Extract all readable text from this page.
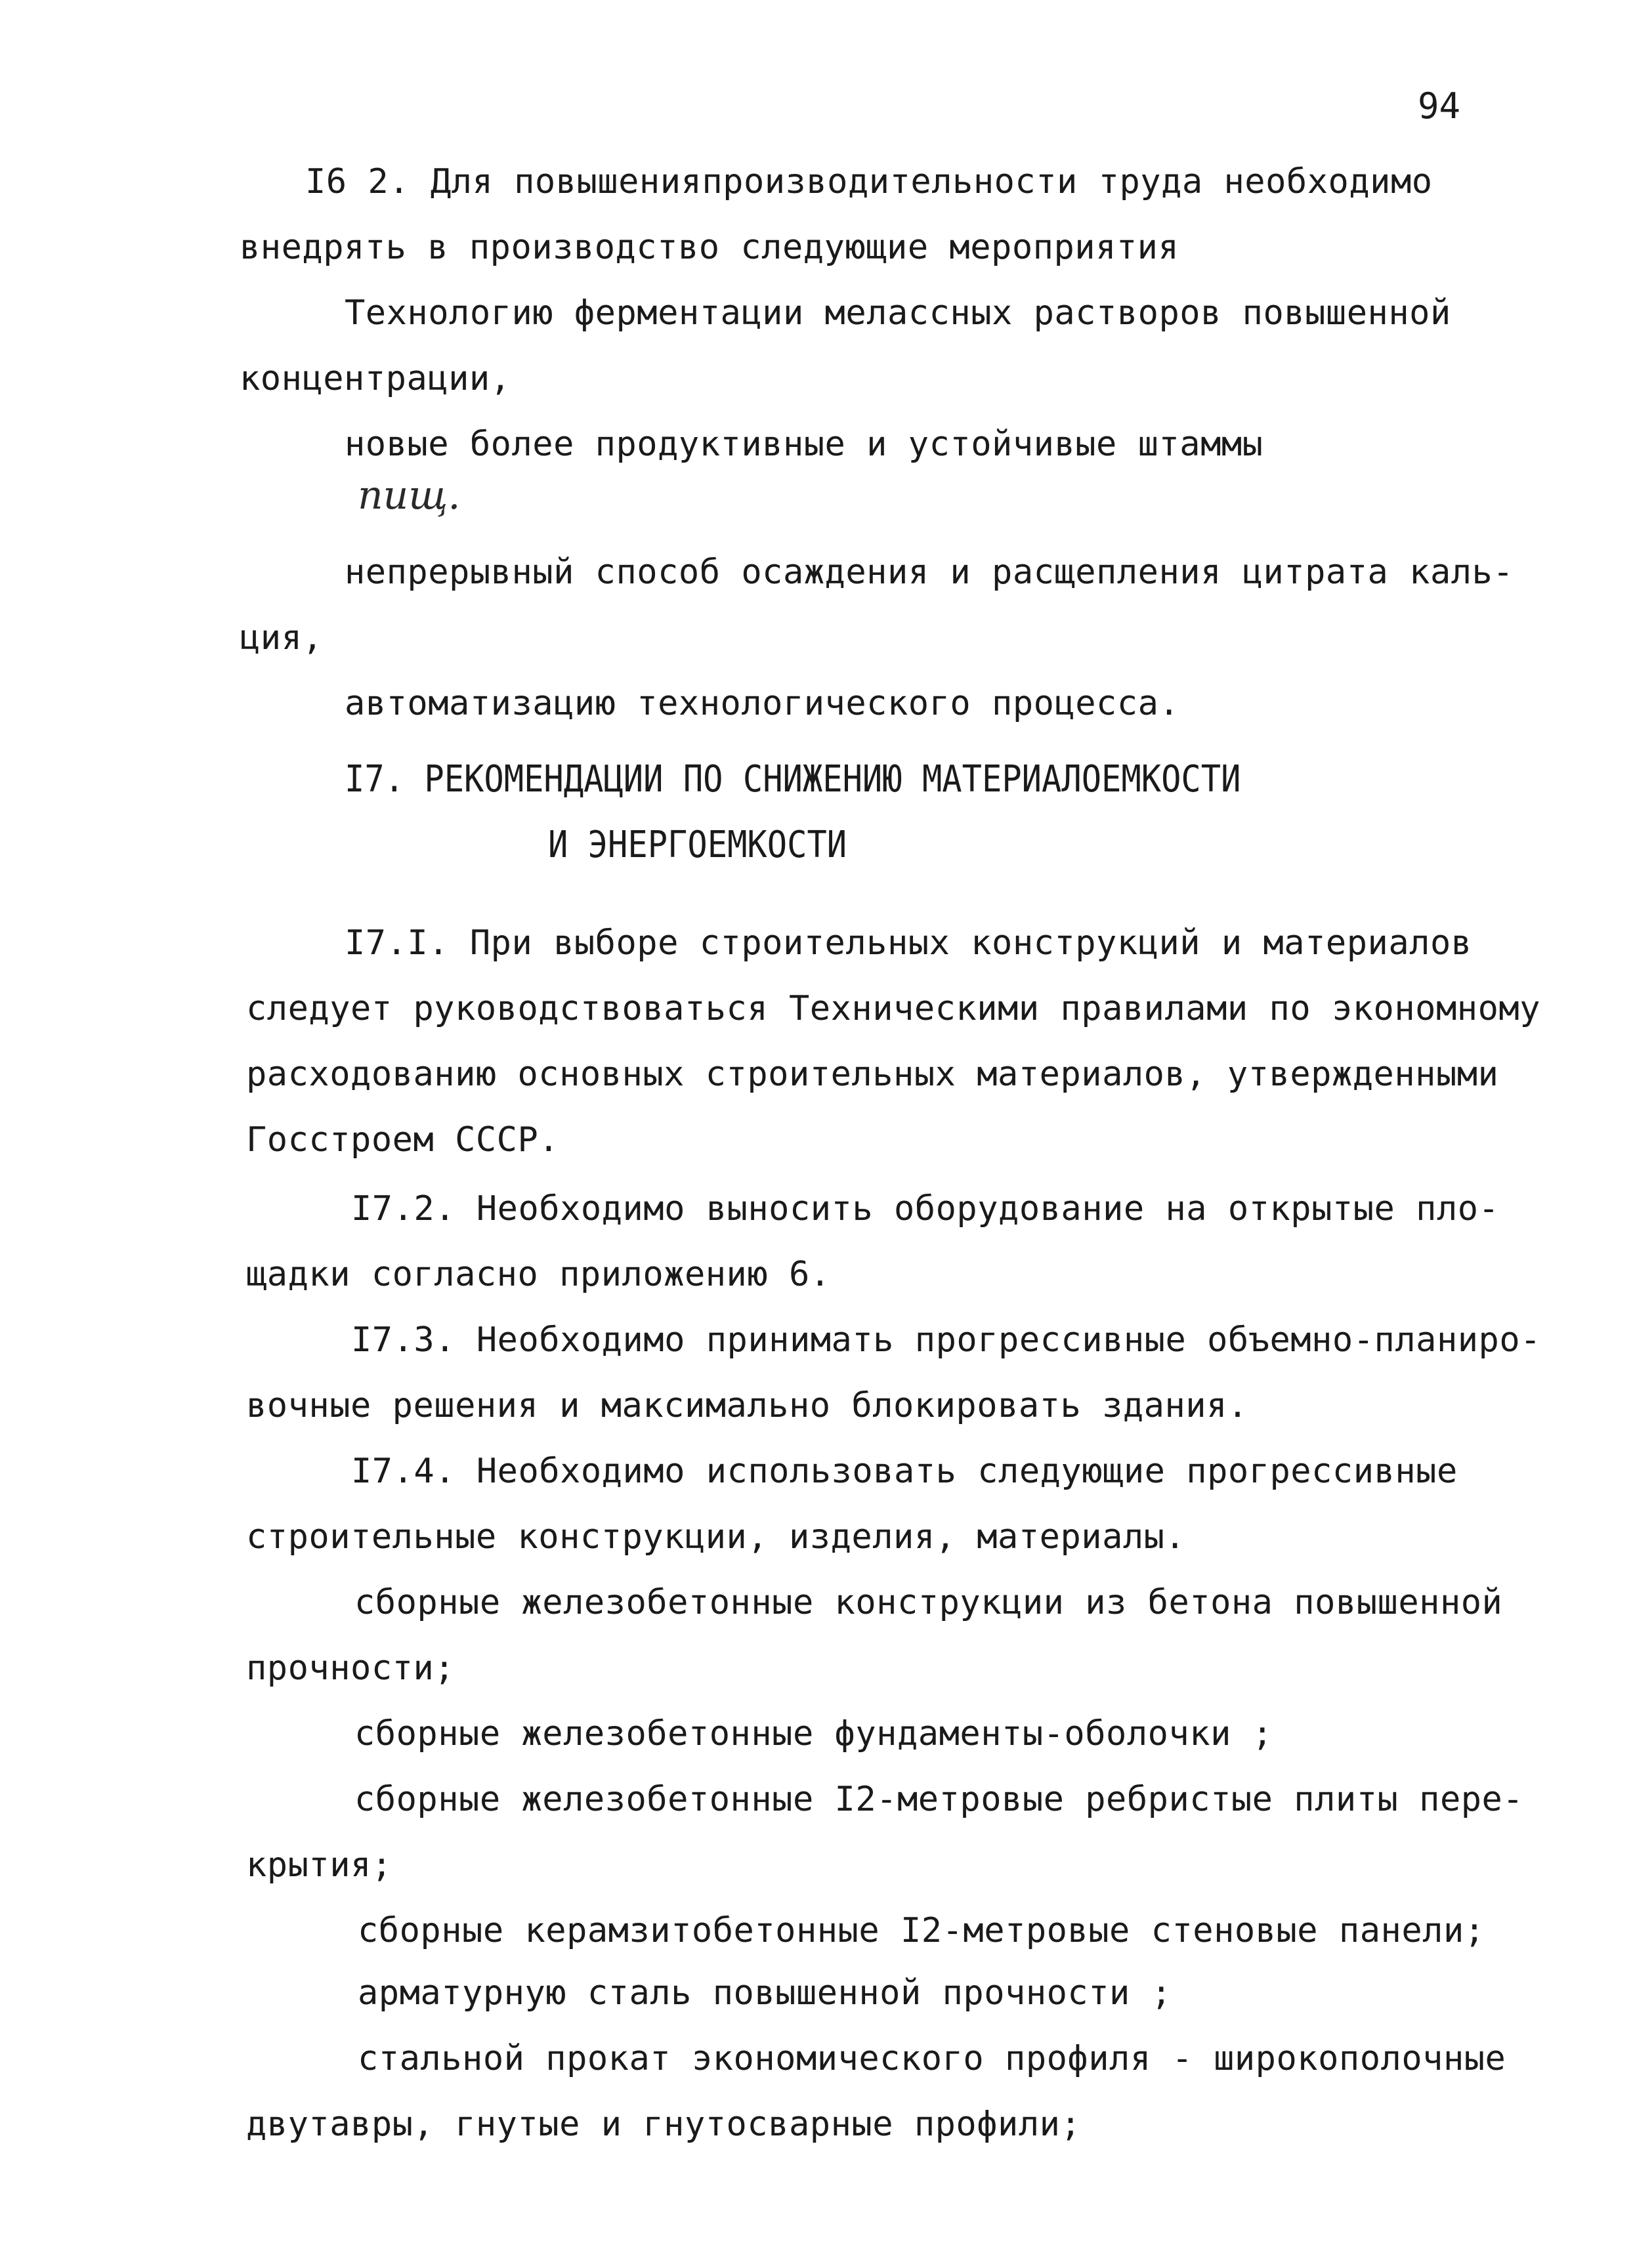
94
I6 2. Для повышенияпроизводительности труда необходимо
внедрять в производство следующие мероприятия
Технологию ферментации мелассных растворов повышенной
концентрации,
новые более продуктивные и устойчивые штаммы
пищ.
непрерывный способ осаждения и расщепления цитрата каль-
ция,
автоматизацию технологического процесса.
I7. РЕКОМЕНДАЦИИ ПО СНИЖЕНИЮ МАТЕРИАЛОЕМКОСТИ
И ЭНЕРГОЕМКОСТИ
I7.I. При выборе строительных конструкций и материалов
следует руководствоваться Техническими правилами по экономному
расходованию основных строительных материалов, утвержденными
Госстроем СССР.
I7.2. Необходимо выносить оборудование на открытые пло-
щадки согласно приложению 6.
I7.3. Необходимо принимать прогрессивные объемно-планиро-
вочные решения и максимально блокировать здания.
I7.4. Необходимо использовать следующие прогрессивные
строительные конструкции, изделия, материалы.
сборные железобетонные конструкции из бетона повышенной
прочности;
сборные железобетонные фундаменты-оболочки ;
сборные железобетонные I2-метровые ребристые плиты пере-
крытия;
сборные керамзитобетонные I2-метровые стеновые панели;
арматурную сталь повышенной прочности ;
стальной прокат экономического профиля - широкополочные
двутавры, гнутые и гнутосварные профили;
